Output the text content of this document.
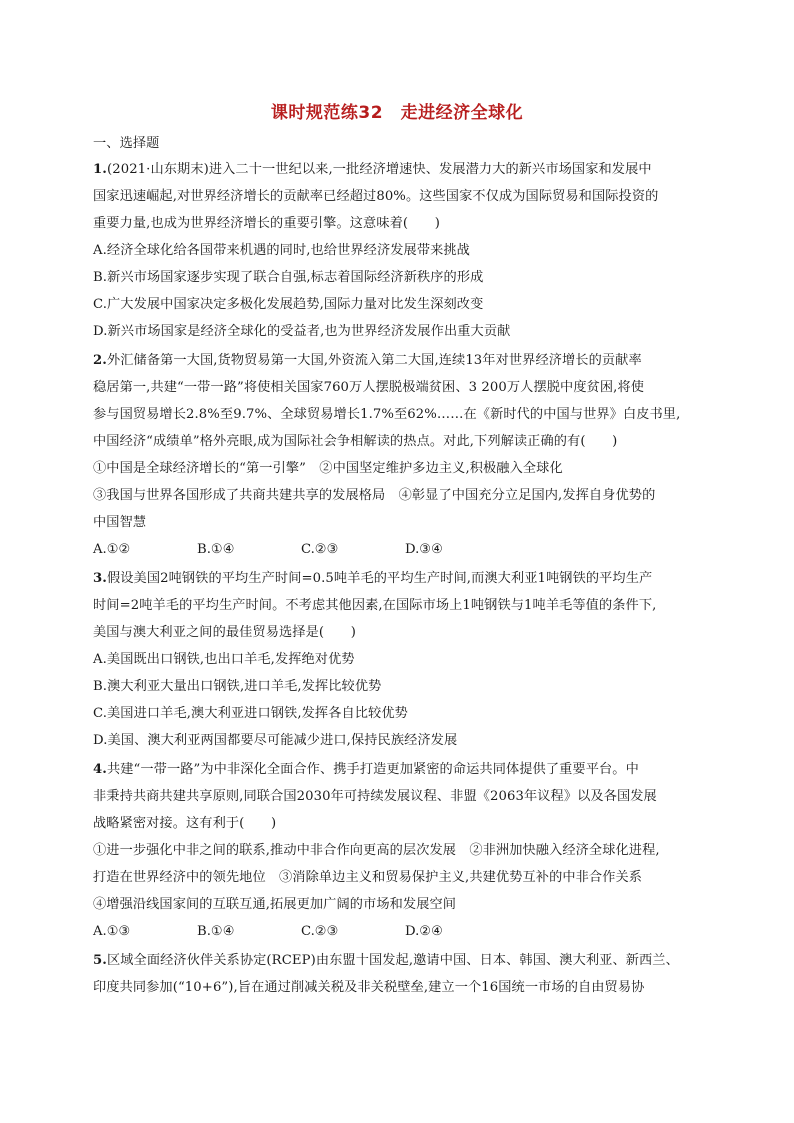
课时规范练32　走进经济全球化
一、选择题
1.(2021·山东期末)进入二十一世纪以来,一批经济增速快、发展潜力大的新兴市场国家和发展中
国家迅速崛起,对世界经济增长的贡献率已经超过80%。这些国家不仅成为国际贸易和国际投资的
重要力量,也成为世界经济增长的重要引擎。这意味着(　　)
A.经济全球化给各国带来机遇的同时,也给世界经济发展带来挑战
B.新兴市场国家逐步实现了联合自强,标志着国际经济新秩序的形成
C.广大发展中国家决定多极化发展趋势,国际力量对比发生深刻改变
D.新兴市场国家是经济全球化的受益者,也为世界经济发展作出重大贡献
2.外汇储备第一大国,货物贸易第一大国,外资流入第二大国,连续13年对世界经济增长的贡献率
稳居第一,共建“一带一路”将使相关国家760万人摆脱极端贫困、3 200万人摆脱中度贫困,将使
参与国贸易增长2.8%至9.7%、全球贸易增长1.7%至62%……在《新时代的中国与世界》白皮书里,
中国经济“成绩单”格外亮眼,成为国际社会争相解读的热点。对此,下列解读正确的有(　　)
①中国是全球经济增长的“第一引擎”　②中国坚定维护多边主义,积极融入全球化
③我国与世界各国形成了共商共建共享的发展格局　④彰显了中国充分立足国内,发挥自身优势的
中国智慧
A.①②	B.①④	C.②③	D.③④
3.假设美国2吨钢铁的平均生产时间=0.5吨羊毛的平均生产时间,而澳大利亚1吨钢铁的平均生产
时间=2吨羊毛的平均生产时间。不考虑其他因素,在国际市场上1吨钢铁与1吨羊毛等值的条件下,
美国与澳大利亚之间的最佳贸易选择是(　　)
A.美国既出口钢铁,也出口羊毛,发挥绝对优势
B.澳大利亚大量出口钢铁,进口羊毛,发挥比较优势
C.美国进口羊毛,澳大利亚进口钢铁,发挥各自比较优势
D.美国、澳大利亚两国都要尽可能减少进口,保持民族经济发展
4.共建“一带一路”为中非深化全面合作、携手打造更加紧密的命运共同体提供了重要平台。中
非秉持共商共建共享原则,同联合国2030年可持续发展议程、非盟《2063年议程》以及各国发展
战略紧密对接。这有利于(　　)
①进一步强化中非之间的联系,推动中非合作向更高的层次发展　②非洲加快融入经济全球化进程,
打造在世界经济中的领先地位　③消除单边主义和贸易保护主义,共建优势互补的中非合作关系
④增强沿线国家间的互联互通,拓展更加广阔的市场和发展空间
A.①③	B.①④	C.②③	D.②④
5.区域全面经济伙伴关系协定(RCEP)由东盟十国发起,邀请中国、日本、韩国、澳大利亚、新西兰、
印度共同参加(“10+6”),旨在通过削减关税及非关税壁垒,建立一个16国统一市场的自由贸易协
